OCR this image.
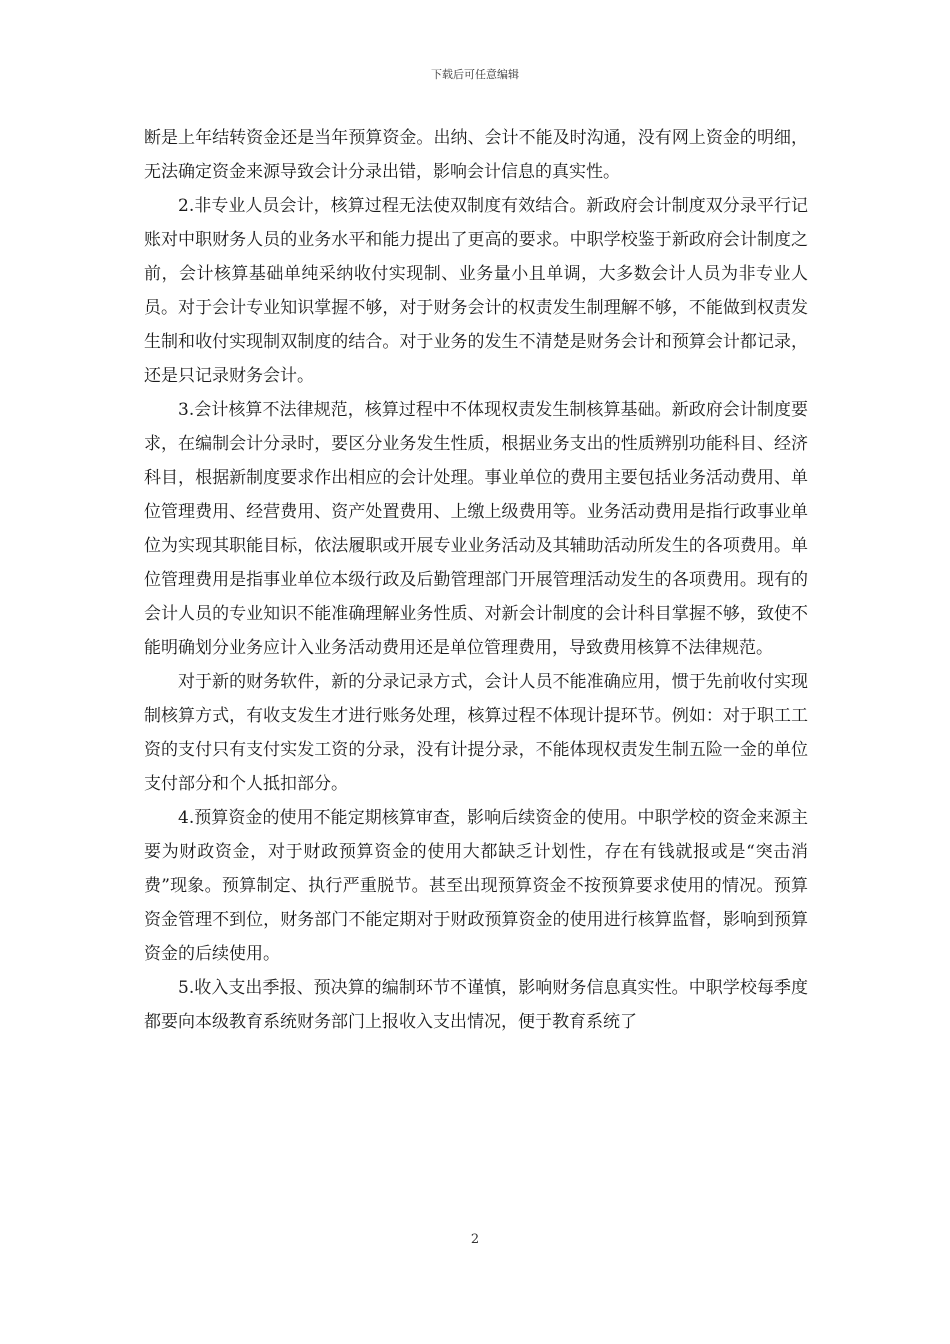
下载后可任意编辑

断是上年结转资金还是当年预算资金。出纳、会计不能及时沟通，没有网上资金的明细，无法确定资金来源导致会计分录出错，影响会计信息的真实性。

2.非专业人员会计，核算过程无法使双制度有效结合。新政府会计制度双分录平行记账对中职财务人员的业务水平和能力提出了更高的要求。中职学校鉴于新政府会计制度之前，会计核算基础单纯采纳收付实现制、业务量小且单调，大多数会计人员为非专业人员。对于会计专业知识掌握不够，对于财务会计的权责发生制理解不够，不能做到权责发生制和收付实现制双制度的结合。对于业务的发生不清楚是财务会计和预算会计都记录，还是只记录财务会计。

3.会计核算不法律规范，核算过程中不体现权责发生制核算基础。新政府会计制度要求，在编制会计分录时，要区分业务发生性质，根据业务支出的性质辨别功能科目、经济科目，根据新制度要求作出相应的会计处理。事业单位的费用主要包括业务活动费用、单位管理费用、经营费用、资产处置费用、上缴上级费用等。业务活动费用是指行政事业单位为实现其职能目标，依法履职或开展专业业务活动及其辅助活动所发生的各项费用。单位管理费用是指事业单位本级行政及后勤管理部门开展管理活动发生的各项费用。现有的会计人员的专业知识不能准确理解业务性质、对新会计制度的会计科目掌握不够，致使不能明确划分业务应计入业务活动费用还是单位管理费用，导致费用核算不法律规范。

对于新的财务软件，新的分录记录方式，会计人员不能准确应用，惯于先前收付实现制核算方式，有收支发生才进行账务处理，核算过程不体现计提环节。例如：对于职工工资的支付只有支付实发工资的分录，没有计提分录，不能体现权责发生制五险一金的单位支付部分和个人抵扣部分。

4.预算资金的使用不能定期核算审查，影响后续资金的使用。中职学校的资金来源主要为财政资金，对于财政预算资金的使用大都缺乏计划性，存在有钱就报或是“突击消费”现象。预算制定、执行严重脱节。甚至出现预算资金不按预算要求使用的情况。预算资金管理不到位，财务部门不能定期对于财政预算资金的使用进行核算监督，影响到预算资金的后续使用。

5.收入支出季报、预决算的编制环节不谨慎，影响财务信息真实性。中职学校每季度都要向本级教育系统财务部门上报收入支出情况，便于教育系统了

2
